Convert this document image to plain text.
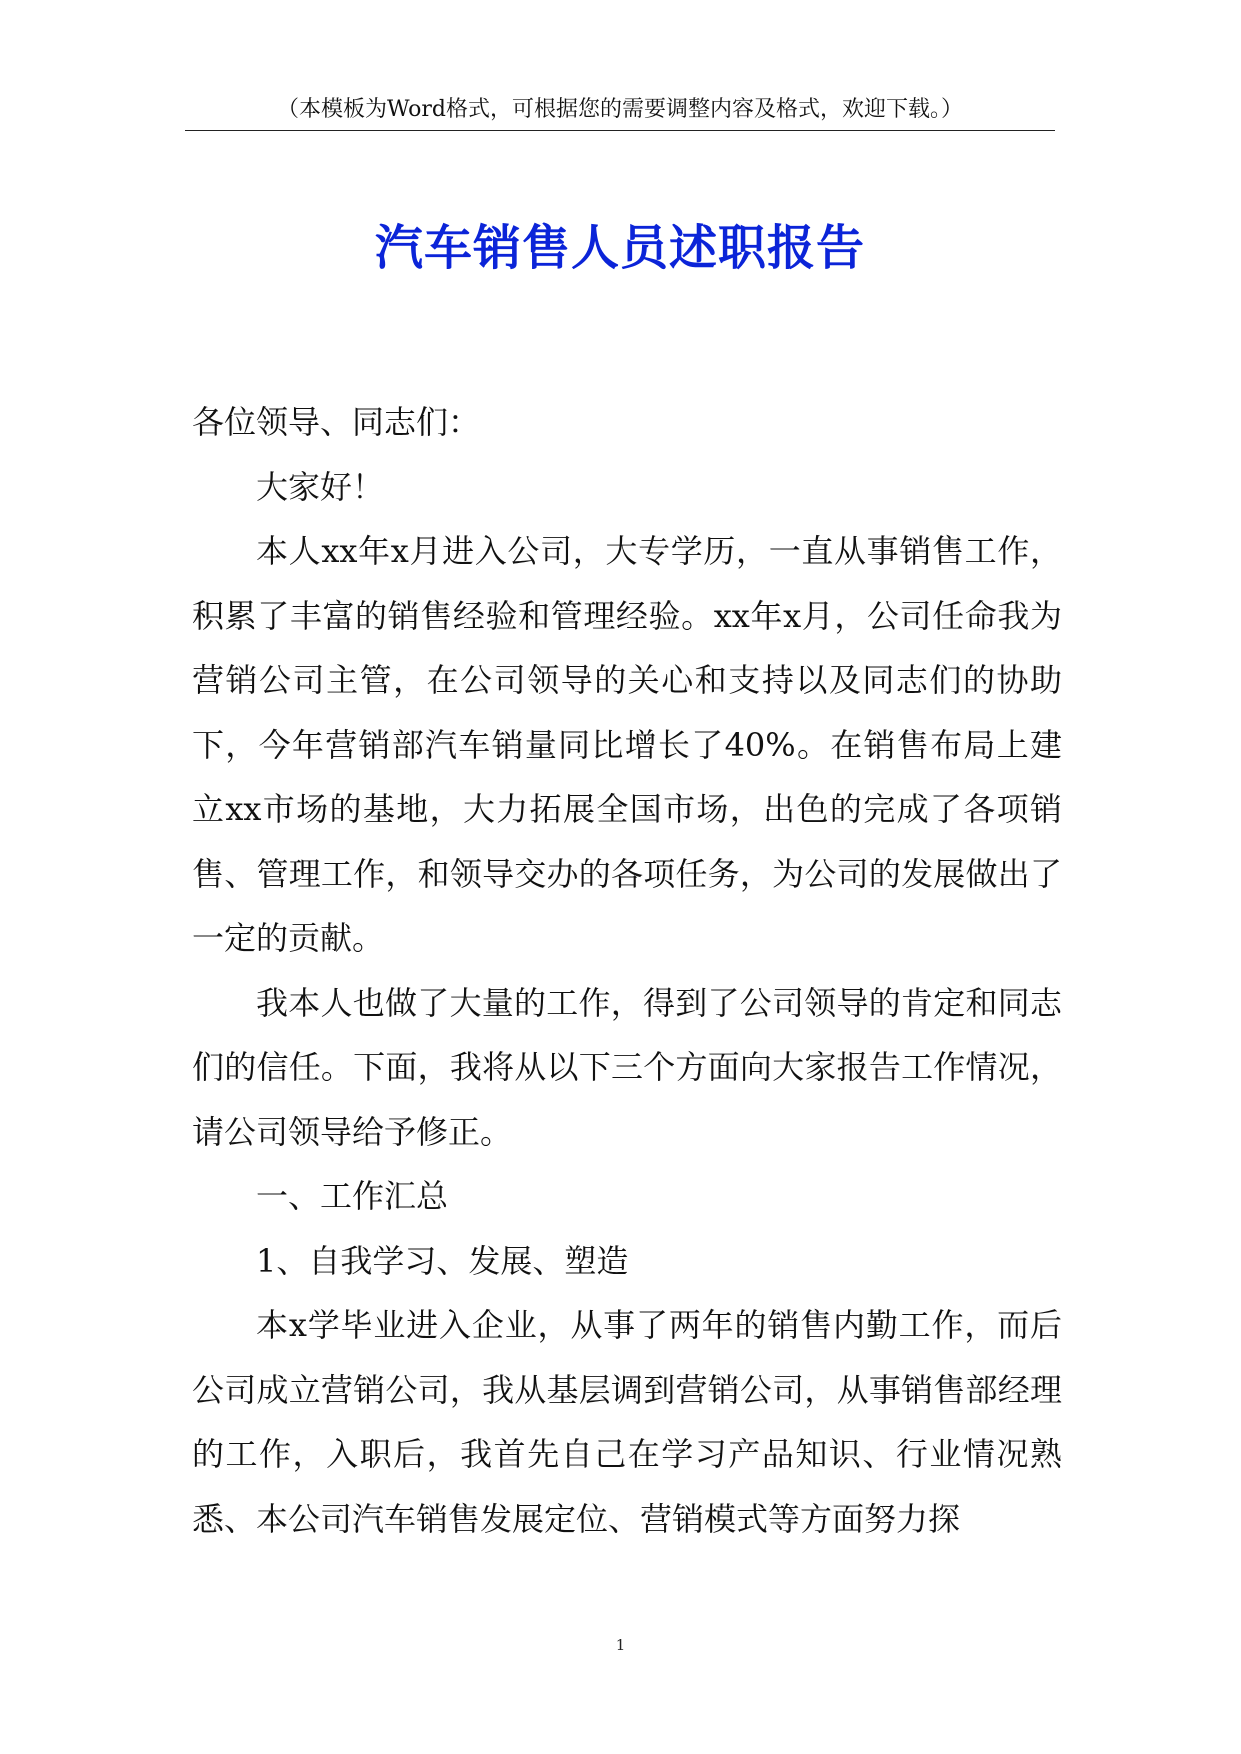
（本模板为Word格式，可根据您的需要调整内容及格式，欢迎下载。）
汽车销售人员述职报告

各位领导、同志们：

大家好！

本人xx年x月进入公司，大专学历，一直从事销售工作，积累了丰富的销售经验和管理经验。xx年x月，公司任命我为营销公司主管，在公司领导的关心和支持以及同志们的协助下，今年营销部汽车销量同比增长了40%。在销售布局上建立xx市场的基地，大力拓展全国市场，出色的完成了各项销售、管理工作，和领导交办的各项任务，为公司的发展做出了一定的贡献。

我本人也做了大量的工作，得到了公司领导的肯定和同志们的信任。下面，我将从以下三个方面向大家报告工作情况，请公司领导给予修正。

一、工作汇总

1、自我学习、发展、塑造

本x学毕业进入企业，从事了两年的销售内勤工作，而后公司成立营销公司，我从基层调到营销公司，从事销售部经理的工作，入职后，我首先自己在学习产品知识、行业情况熟悉、本公司汽车销售发展定位、营销模式等方面努力探

1
